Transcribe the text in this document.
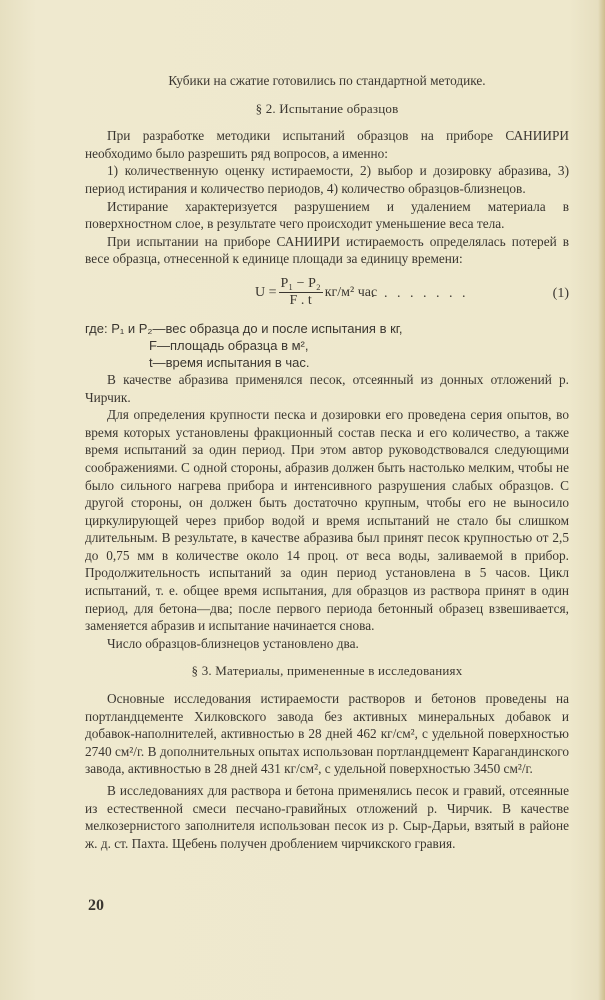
Кубики на сжатие готовились по стандартной методике.

§ 2. Испытание образцов

При разработке методики испытаний образцов на приборе САНИИРИ необходимо было разрешить ряд вопросов, а именно:

1) количественную оценку истираемости, 2) выбор и дозировку абразива, 3) период истирания и количество периодов, 4) количество образцов-близнецов.

Истирание характеризуется разрушением и удалением материала в поверхностном слое, в результате чего происходит уменьшение веса тела.

При испытании на приборе САНИИРИ истираемость определялась потерей в весе образца, отнесенной к единице площади за единицу времени:

$U = \frac{\text{P₁ − P₂}}{F . t} кг/м^2$ час
. . . . . . . .	(1)
где: P₁ и P₂—вес образца до и после испытания в кг,
F—площадь образца в м²,
t—время испытания в час.

В качестве абразива применялся песок, отсеянный из донных отложений р. Чирчик.

Для определения крупности песка и дозировки его проведена серия опытов, во время которых установлены фракционный состав песка и его количество, а также время испытаний за один период. При этом автор руководствовался следующими соображениями. С одной стороны, абразив должен быть настолько мелким, чтобы не было сильного нагрева прибора и интенсивного разрушения слабых образцов. С другой стороны, он должен быть достаточно крупным, чтобы его не выносило циркулирующей через прибор водой и время испытаний не стало бы слишком длительным. В результате, в качестве абразива был принят песок крупностью от 2,5 до 0,75 мм в количестве около 14 проц. от веса воды, заливаемой в прибор. Продолжительность испытаний за один период установлена в 5 часов. Цикл испытаний, т. е. общее время испытания, для образцов из раствора принят в один период, для бетона—два; после первого периода бетонный образец взвешивается, заменяется абразив и испытание начинается снова.

Число образцов-близнецов установлено два.

§ 3. Материалы, примененные в исследованиях

Основные исследования истираемости растворов и бетонов проведены на портландцементе Хилковского завода без активных минеральных добавок и добавок-наполнителей, активностью в 28 дней 462 кг/см², с удельной поверхностью 2740 см²/г. В дополнительных опытах использован портландцемент Карагандинского завода, активностью в 28 дней 431 кг/см², с удельной поверхностью 3450 см²/г.

В исследованиях для раствора и бетона применялись песок и гравий, отсеянные из естественной смеси песчано-гравийных отложений р. Чирчик. В качестве мелкозернистого заполнителя использован песок из р. Сыр-Дарьи, взятый в районе ж. д. ст. Пахта. Щебень получен дроблением чирчикского гравия.

20
